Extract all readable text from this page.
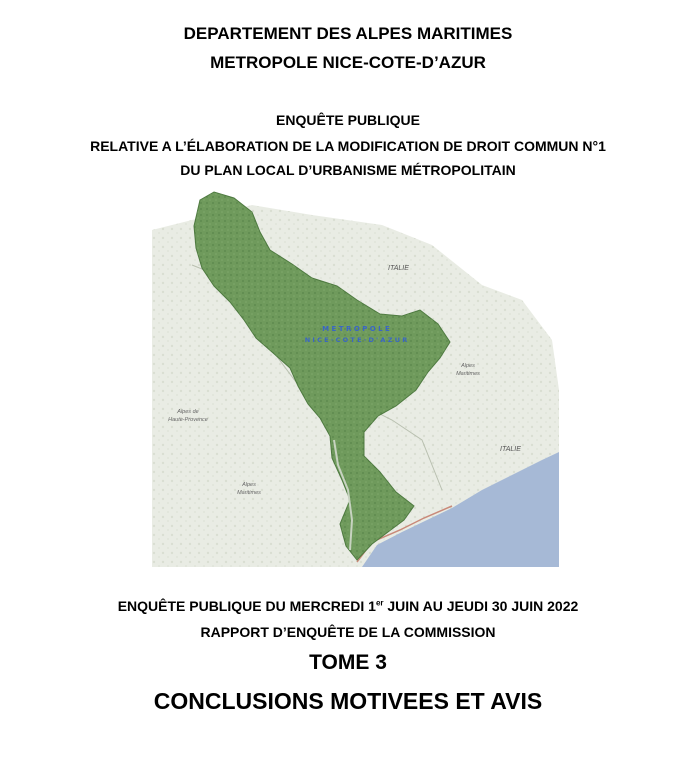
DEPARTEMENT DES ALPES MARITIMES
METROPOLE NICE-COTE-D’AZUR
ENQUÊTE PUBLIQUE
RELATIVE A L’ÉLABORATION DE LA MODIFICATION DE DROIT COMMUN N°1
DU PLAN LOCAL D’URBANISME MÉTROPOLITAIN
ITALIE
M E T R O P O L E
N I C E · C O T E · D ' A Z U R
Alpes
Maritimes
ITALIE
Alpes de
Haute-Provence
Alpes
Maritimes
ENQUÊTE PUBLIQUE DU MERCREDI 1er JUIN AU JEUDI 30 JUIN 2022
RAPPORT D’ENQUÊTE DE LA COMMISSION
TOME 3
CONCLUSIONS MOTIVEES ET AVIS
